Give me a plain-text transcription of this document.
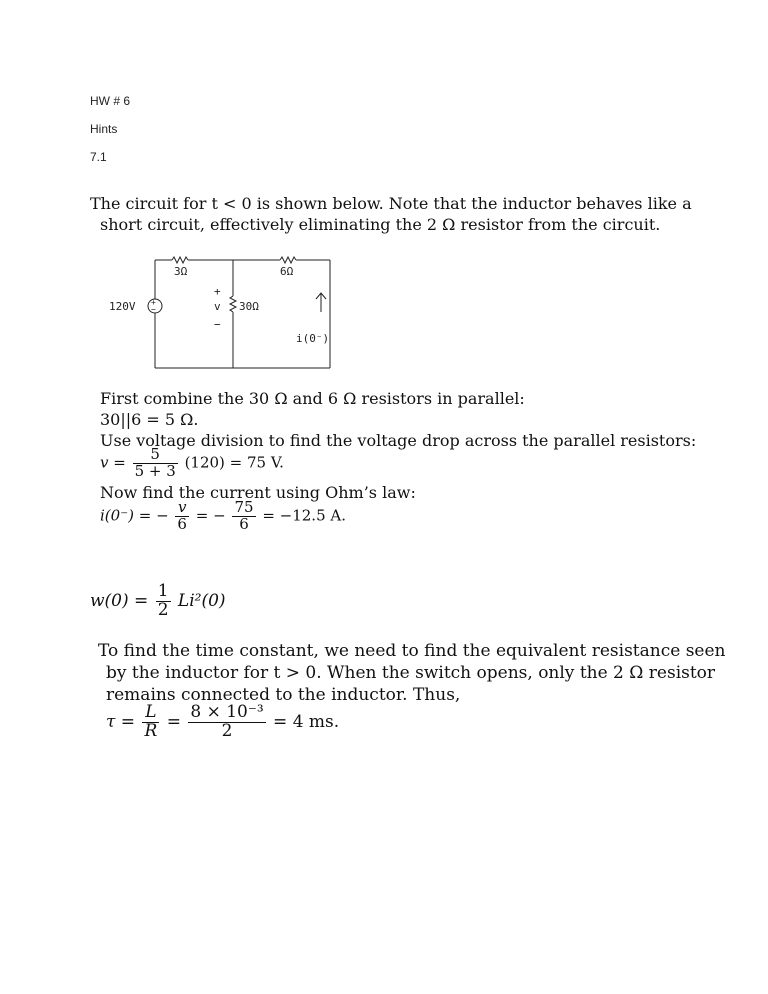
HW # 6

Hints

7.1

The circuit for t < 0 is shown below. Note that the inductor behaves like a

short circuit, effectively eliminating the 2 Ω resistor from the circuit.

+
−
120V
3Ω	6Ω
30Ω
+
v
−
i(0⁻)

First combine the 30 Ω and 6 Ω resistors in parallel:

30||6 = 5 Ω.

Use voltage division to find the voltage drop across the parallel resistors:

$v = \frac{5}{5 + 3} (120) = 75$ V.

Now find the current using Ohm’s law:

i(0⁻) = − $\frac{v}{6}$ = − $\frac{75}{6} = -12.5$ A.
$w(0) = \frac{1}{2} Li^2(0)$

To find the time constant, we need to find the equivalent resistance seen

by the inductor for t > 0. When the switch opens, only the 2 Ω resistor

remains connected to the inductor. Thus,

$\tau = \frac{L}{R} = \frac{\text{8 × 10⁻³}}{2} = 4$ ms.
